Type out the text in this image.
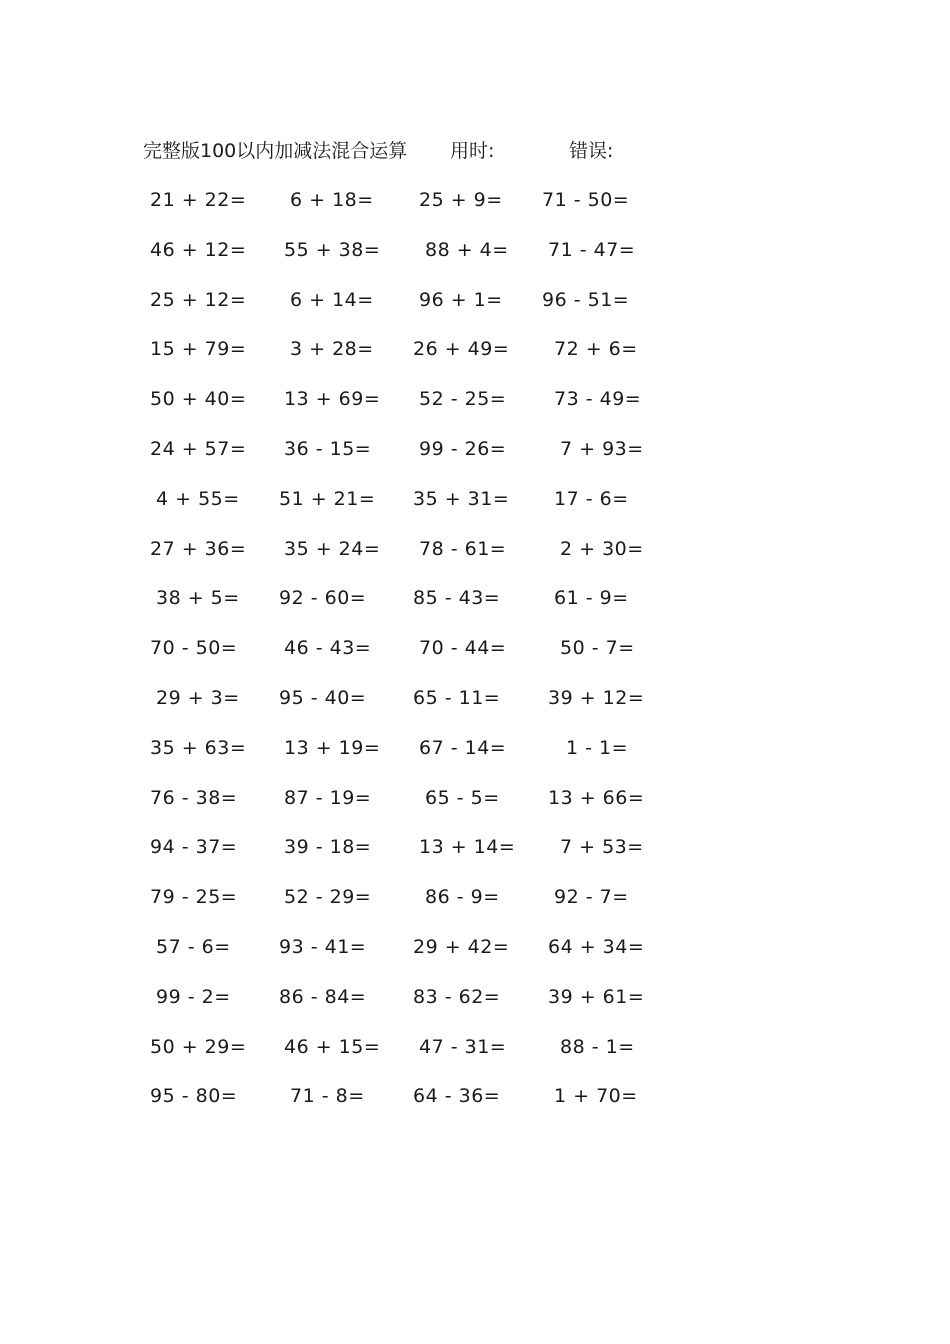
完整版100以内加减法混合运算 用时:	错误:
21 + 22= 6 + 18= 25 + 9= 71 - 50=
46 + 12= 55 + 38= 88 + 4= 71 - 47=
25 + 12= 6 + 14= 96 + 1= 96 - 51=
15 + 79= 3 + 28= 26 + 49= 72 + 6=
50 + 40= 13 + 69= 52 - 25=	73 - 49=
24 + 57= 36 - 15=	99 - 26=	7 + 93=
4 + 55= 51 + 21= 35 + 31= 17 - 6=
27 + 36= 35 + 24= 78 - 61=	2 + 30=
38 + 5= 92 - 60= 85 - 43=	61 - 9=
70 - 50= 46 - 43=	70 - 44=	50 - 7=
29 + 3= 95 - 40= 65 - 11=	39 + 12=
35 + 63= 13 + 19= 67 - 14=	1 - 1=
76 - 38= 87 - 19=	65 - 5=	13 + 66=
94 - 37= 39 - 18=	13 + 14= 7 + 53=
79 - 25= 52 - 29=	86 - 9=	92 - 7=
57 - 6=	93 - 41= 29 + 42= 64 + 34=
99 - 2=	86 - 84= 83 - 62=	39 + 61=
50 + 29= 46 + 15= 47 - 31=	88 - 1=
95 - 80=	71 - 8=	64 - 36=	1 + 70=
